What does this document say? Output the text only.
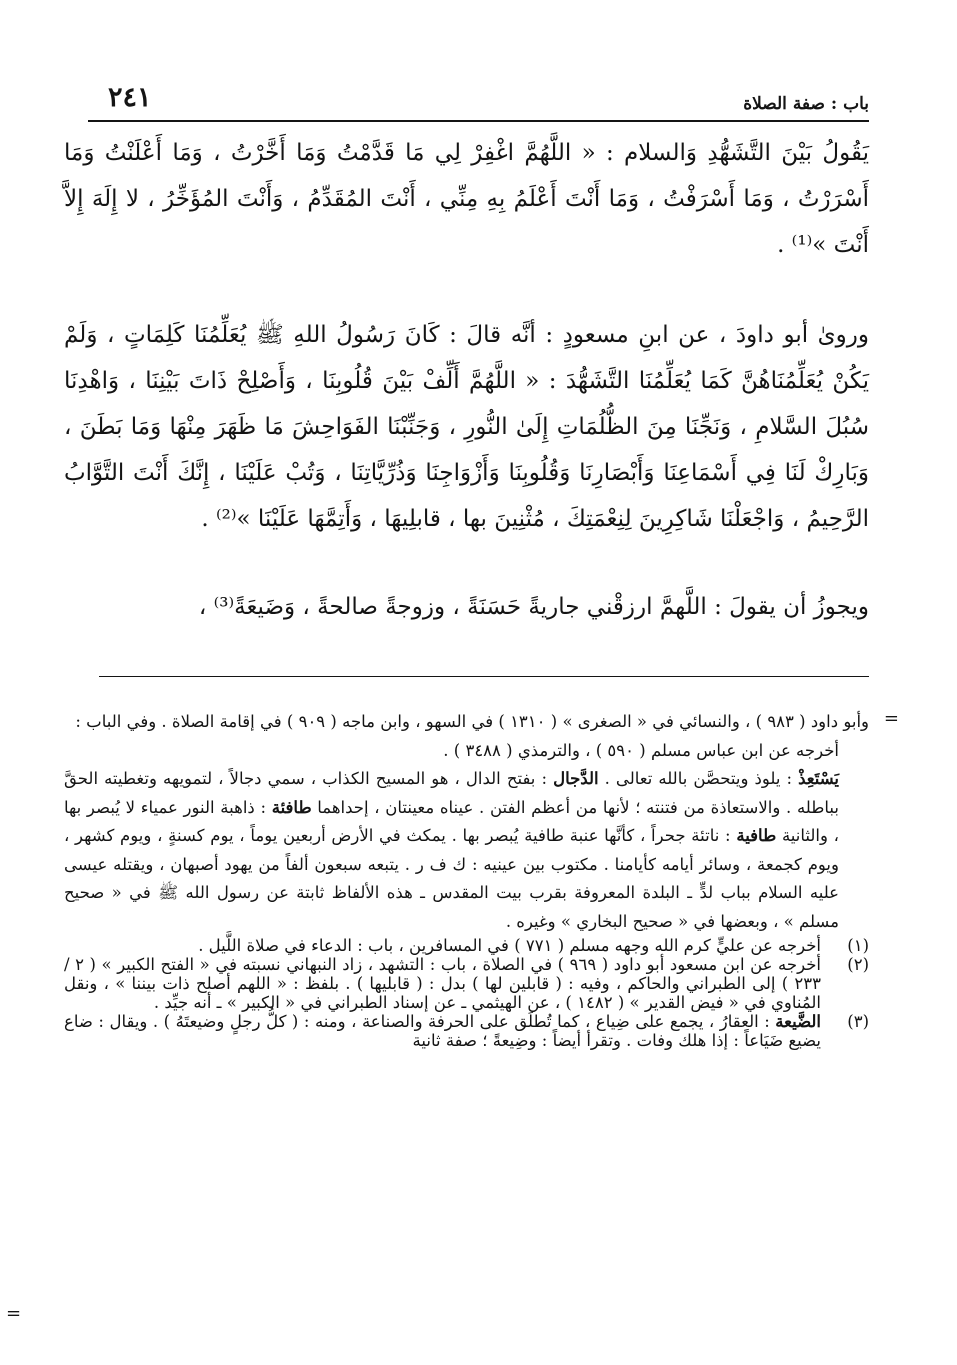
باب : صفة الصلاة
٢٤١

يَقُولُ بَيْنَ التَّشَهُّدِ وَالسلام : « اللَّهُمَّ اغْفِرْ لِي مَا قَدَّمْتُ وَمَا أَخَّرْتُ ، وَمَا أَعْلَنْتُ وَمَا أَسْرَرْتُ ، وَمَا أَسْرَفْتُ ، وَمَا أَنْتَ أَعْلَمُ بِهِ مِنِّي ، أَنْتَ المُقَدِّمُ ، وَأَنْتَ المُؤَخِّرُ ، لا إِلَهَ إِلاَّ أَنْتَ »⁽¹⁾ .

وروىٰ أبو داودَ ، عن ابنِ مسعودٍ : أنَّه قالَ : كَانَ رَسُولُ اللهِ ﷺ يُعَلِّمُنَا كَلِمَاتٍ ، وَلَمْ يَكُنْ يُعَلِّمُنَاهُنَّ كَمَا يُعَلِّمُنَا التَّشَهُّدَ : « اللَّهُمَّ أَلِّفْ بَيْنَ قُلُوبِنَا ، وَأَصْلِحْ ذَاتَ بَيْنِنَا ، وَاهْدِنَا سُبُلَ السَّلامِ ، وَنَجِّنَا مِنَ الظُّلُمَاتِ إِلَىٰ النُّورِ ، وَجَنِّبْنَا الفَوَاحِشَ مَا ظَهَرَ مِنْهَا وَمَا بَطَنَ ، وَبَارِكْ لَنَا فِي أَسْمَاعِنَا وَأَبْصَارِنَا وَقُلُوبِنَا وَأَزْوَاجِنَا وَذُرِّيَّاتِنَا ، وَتُبْ عَلَيْنَا ، إِنَّكَ أَنْتَ التَّوَّابُ الرَّحِيمُ ، وَاجْعَلْنَا شَاكِرِينَ لِنِعْمَتِكَ ، مُثْنِينَ بها ، قابلِيهَا ، وَأَتِمَّهَا عَلَيْنَا »⁽²⁾ .

ويجوزُ أن يقولَ : اللَّهمَّ ارزقْني جاريةً حَسَنَةً ، وزوجةً صالحةً ، وَضَيعَةً⁽³⁾ ،

=

وأبو داود ( ٩٨٣ ) ، والنسائي في « الصغرى » ( ١٣١٠ ) في السهو ، وابن ماجه ( ٩٠٩ ) في إقامة الصلاة . وفي الباب :

أخرجه عن ابن عباس مسلم ( ٥٩٠ ) ، والترمذي ( ٣٤٨٨ ) .

يَسْتَعِذْ : يلوذ ويتحصَّن بالله تعالى . الدَّجال : بفتح الدال ، هو المسيح الكذاب ، سمي دجالاً ، لتمويهه وتغطيته الحقَّ بباطله . والاستعاذة من فتنته ؛ لأنها من أعظم الفتن . عيناه معينتان ، إحداهما طافئة : ذاهبة النور عمياء لا يُبصر بها ، والثانية طافية : ناتئة جحراً ، كأنَّها عنبة طافية يُبصر بها . يمكث في الأرض أربعين يوماً ، يوم كسنةٍ ، ويوم كشهر ، ويوم كجمعة ، وسائر أيامه كأيامنا . مكتوب بين عينيه : ك ف ر . يتبعه سبعون ألفاً من يهود أصبهان ، ويقتله عيسى عليه السلام بباب لدٍّ ـ البلدة المعروفة بقرب بيت المقدس ـ هذه الألفاظ ثابتة عن رسول الله ﷺ في « صحيح مسلم » ، وبعضها في « صحيح البخاري » وغيره .

(١)
أخرجه عن عليٍّ كرم الله وجهه مسلم ( ٧٧١ ) في المسافرين ، باب : الدعاء في صلاة اللَّيل .
(٢)
أخرجه عن ابن مسعود أبو داود ( ٩٦٩ ) في الصلاة ، باب : التشهد ، زاد النبهاني نسبته في « الفتح الكبير » ( ٢ / ٢٣٣ ) إلى الطبراني والحاكم ، وفيه : ( قابلين لها ) بدل : ( قابليها ) . بلفظ : « اللهم أصلح ذات بيننا » ، ونقل المُناوي في « فيض القدير » ( ١٤٨٢ ) ، عن الهيثمي ـ عن إسناد الطبراني في « الكبير » ـ أنه جيِّد .
(٣)
الضَّيعة : العقارُ ، يجمع على ضِياع ، كما تُطلَق على الحرفة والصناعة ، ومنه : ( كلُّ رجلٍ وضيعتَهُ ) . ويقال : ضاع يضيع ضَيَاعاً : إذا هلك وفات . وتقرأ أيضاً : وضِيعةً ؛ صفة ثانية
=
